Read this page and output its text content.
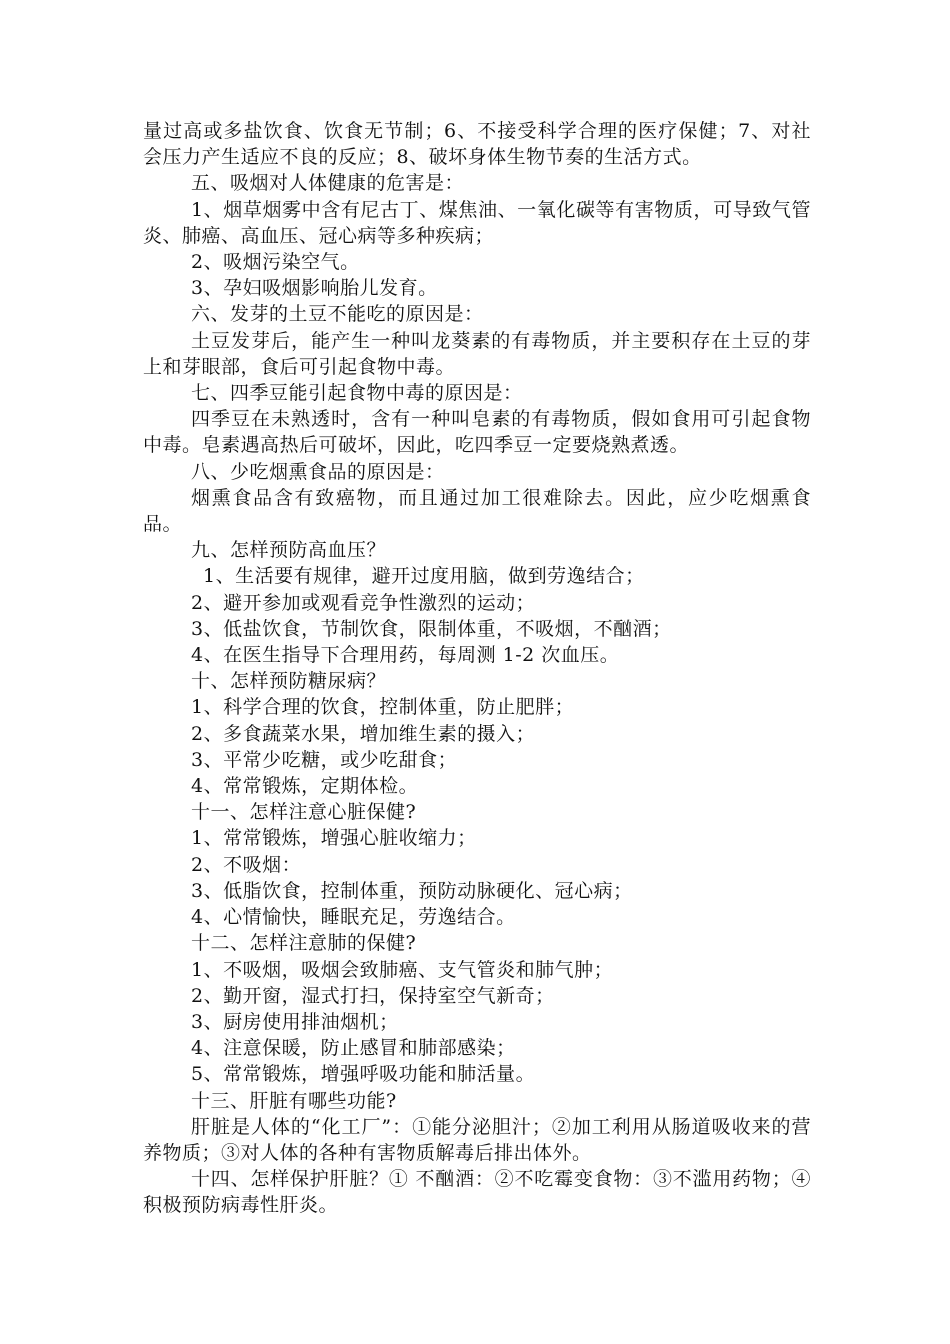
量过高或多盐饮食、饮食无节制；6、不接受科学合理的医疗保健；7、对社会压力产生适应不良的反应；8、破坏身体生物节奏的生活方式。

五、吸烟对人体健康的危害是：

1、烟草烟雾中含有尼古丁、煤焦油、一氧化碳等有害物质，可导致气管炎、肺癌、高血压、冠心病等多种疾病；

2、吸烟污染空气。

3、孕妇吸烟影响胎儿发育。

六、发芽的土豆不能吃的原因是：

土豆发芽后，能产生一种叫龙葵素的有毒物质，并主要积存在土豆的芽上和芽眼部，食后可引起食物中毒。

七、四季豆能引起食物中毒的原因是：

四季豆在未熟透时，含有一种叫皂素的有毒物质，假如食用可引起食物中毒。皂素遇高热后可破坏，因此，吃四季豆一定要烧熟煮透。

八、少吃烟熏食品的原因是：

烟熏食品含有致癌物，而且通过加工很难除去。因此，应少吃烟熏食品。

九、怎样预防高血压？

1、生活要有规律，避开过度用脑，做到劳逸结合；

2、避开参加或观看竞争性激烈的运动；

3、低盐饮食，节制饮食，限制体重，不吸烟，不酗酒；

4、在医生指导下合理用药，每周测 1-2 次血压。

十、怎样预防糖尿病？

1、科学合理的饮食，控制体重，防止肥胖；

2、多食蔬菜水果，增加维生素的摄入；

3、平常少吃糖，或少吃甜食；

4、常常锻炼，定期体检。

十一、怎样注意心脏保健?

1、常常锻炼，增强心脏收缩力；

2、不吸烟：

3、低脂饮食，控制体重，预防动脉硬化、冠心病；

4、心情愉快，睡眠充足，劳逸结合。

十二、怎样注意肺的保健?

1、不吸烟，吸烟会致肺癌、支气管炎和肺气肿；

2、勤开窗，湿式打扫，保持室空气新奇；

3、厨房使用排油烟机；

4、注意保暖，防止感冒和肺部感染；

5、常常锻炼，增强呼吸功能和肺活量。

十三、肝脏有哪些功能?

肝脏是人体的“化工厂”：①能分泌胆汁；②加工利用从肠道吸收来的营养物质；③对人体的各种有害物质解毒后排出体外。

十四、怎样保护肝脏？① 不酗酒：②不吃霉变食物：③不滥用药物；④积极预防病毒性肝炎。
